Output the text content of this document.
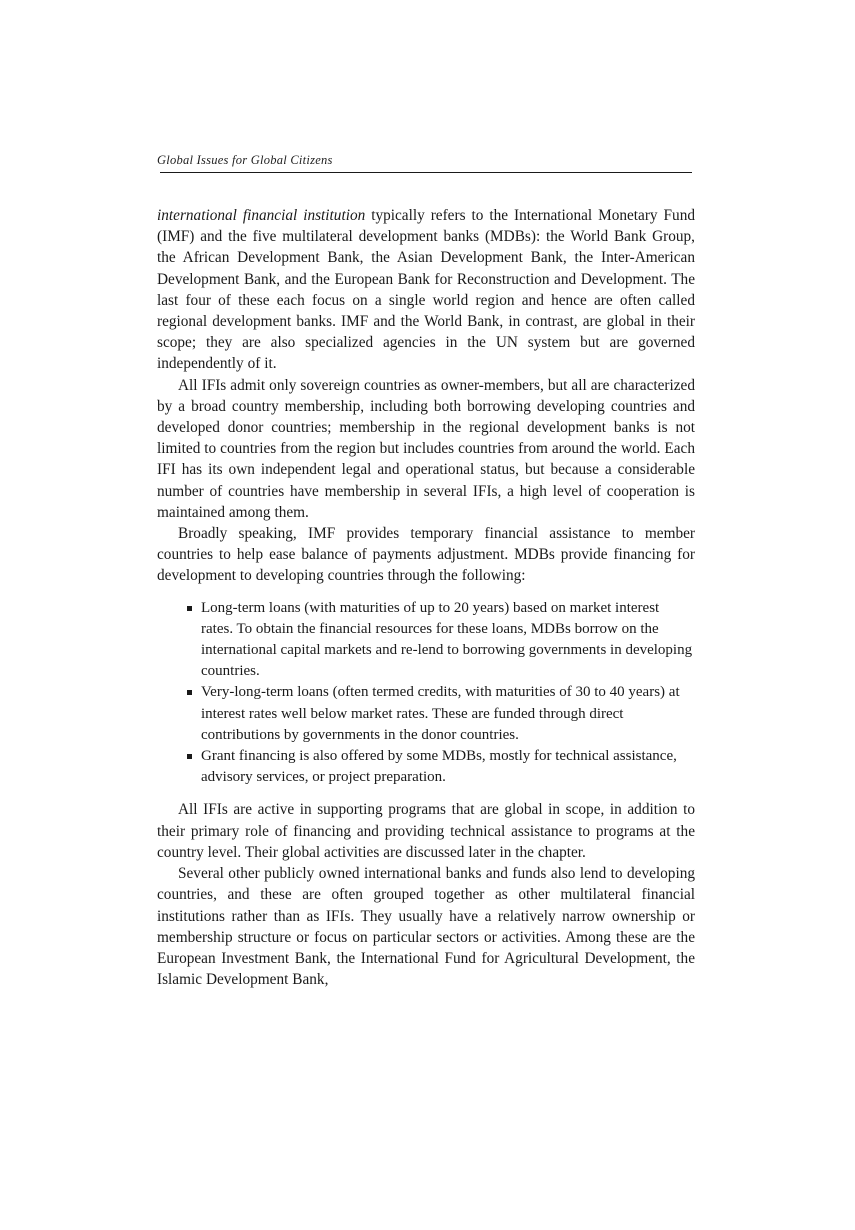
Global Issues for Global Citizens

international financial institution typically refers to the International Monetary Fund (IMF) and the five multilateral development banks (MDBs): the World Bank Group, the African Development Bank, the Asian Development Bank, the Inter-American Development Bank, and the European Bank for Reconstruction and Development. The last four of these each focus on a single world region and hence are often called regional development banks. IMF and the World Bank, in contrast, are global in their scope; they are also specialized agencies in the UN system but are governed independently of it.

All IFIs admit only sovereign countries as owner-members, but all are characterized by a broad country membership, including both borrowing developing countries and developed donor countries; membership in the regional development banks is not limited to countries from the region but includes countries from around the world. Each IFI has its own independent legal and operational status, but because a considerable number of countries have membership in several IFIs, a high level of cooperation is maintained among them.

Broadly speaking, IMF provides temporary financial assistance to member countries to help ease balance of payments adjustment. MDBs provide financing for development to developing countries through the following:

Long-term loans (with maturities of up to 20 years) based on market interest rates. To obtain the financial resources for these loans, MDBs borrow on the international capital markets and re-lend to borrowing governments in developing countries.
Very-long-term loans (often termed credits, with maturities of 30 to 40 years) at interest rates well below market rates. These are funded through direct contributions by governments in the donor countries.
Grant financing is also offered by some MDBs, mostly for technical assistance, advisory services, or project preparation.

All IFIs are active in supporting programs that are global in scope, in addition to their primary role of financing and providing technical assistance to programs at the country level. Their global activities are discussed later in the chapter.

Several other publicly owned international banks and funds also lend to developing countries, and these are often grouped together as other multilateral financial institutions rather than as IFIs. They usually have a relatively narrow ownership or membership structure or focus on particular sectors or activities. Among these are the European Investment Bank, the International Fund for Agricultural Development, the Islamic Development Bank,
